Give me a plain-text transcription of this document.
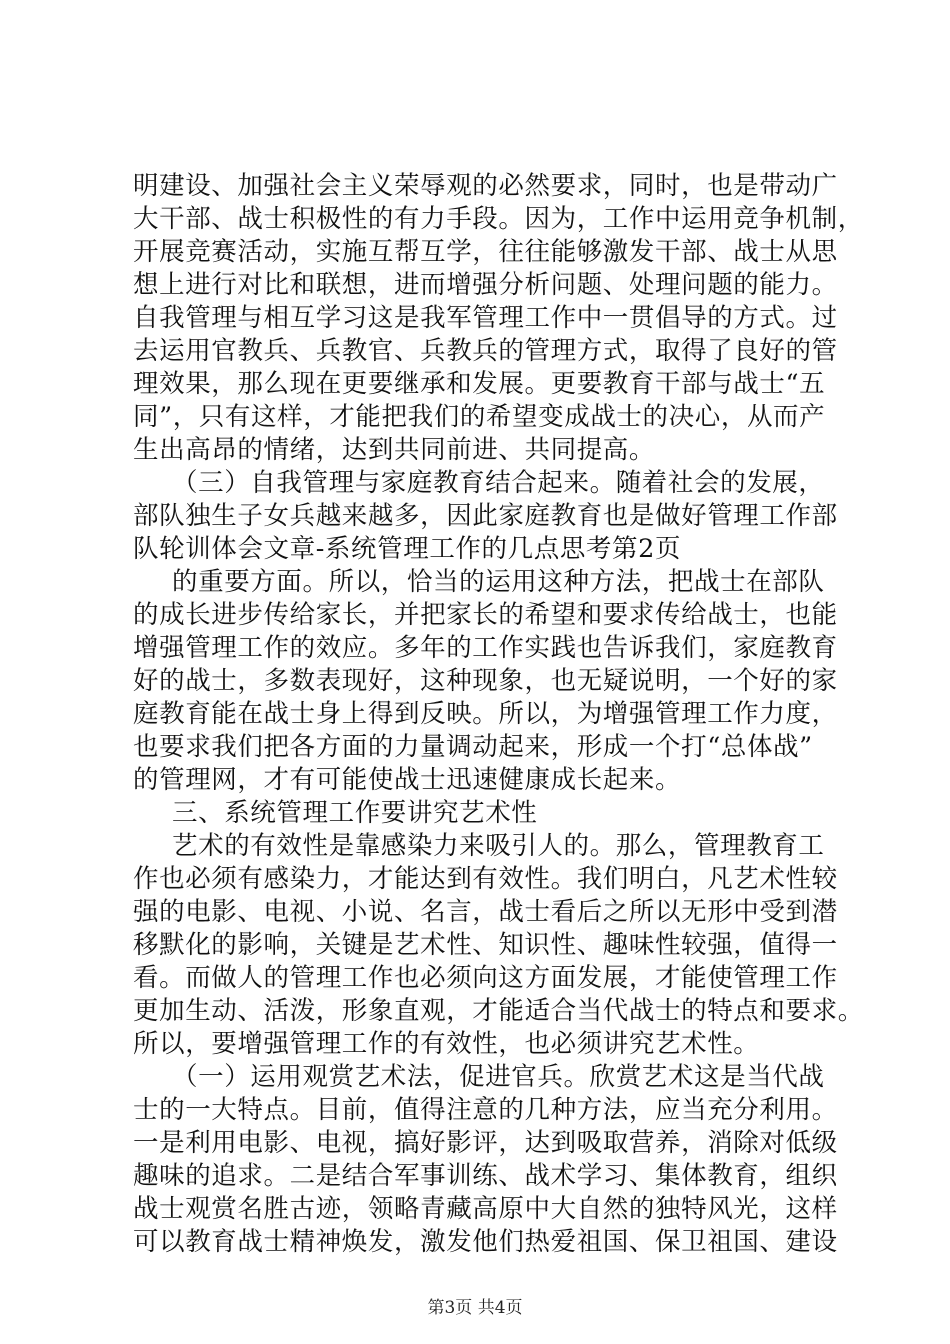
明建设、加强社会主义荣辱观的必然要求，同时，也是带动广
大干部、战士积极性的有力手段。因为，工作中运用竞争机制，
开展竞赛活动，实施互帮互学，往往能够激发干部、战士从思
想上进行对比和联想，进而增强分析问题、处理问题的能力。
自我管理与相互学习这是我军管理工作中一贯倡导的方式。过
去运用官教兵、兵教官、兵教兵的管理方式，取得了良好的管
理效果，那么现在更要继承和发展。更要教育干部与战士“五
同”，只有这样，才能把我们的希望变成战士的决心，从而产
生出高昂的情绪，达到共同前进、共同提高。
（三）自我管理与家庭教育结合起来。随着社会的发展，
部队独生子女兵越来越多，因此家庭教育也是做好管理工作部
队轮训体会文章-系统管理工作的几点思考第2页
的重要方面。所以，恰当的运用这种方法，把战士在部队
的成长进步传给家长，并把家长的希望和要求传给战士，也能
增强管理工作的效应。多年的工作实践也告诉我们，家庭教育
好的战士，多数表现好，这种现象，也无疑说明，一个好的家
庭教育能在战士身上得到反映。所以，为增强管理工作力度，
也要求我们把各方面的力量调动起来，形成一个打“总体战”
的管理网，才有可能使战士迅速健康成长起来。
三、系统管理工作要讲究艺术性
艺术的有效性是靠感染力来吸引人的。那么，管理教育工
作也必须有感染力，才能达到有效性。我们明白，凡艺术性较
强的电影、电视、小说、名言，战士看后之所以无形中受到潜
移默化的影响，关键是艺术性、知识性、趣味性较强，值得一
看。而做人的管理工作也必须向这方面发展，才能使管理工作
更加生动、活泼，形象直观，才能适合当代战士的特点和要求。
所以，要增强管理工作的有效性，也必须讲究艺术性。
（一）运用观赏艺术法，促进官兵。欣赏艺术这是当代战
士的一大特点。目前，值得注意的几种方法，应当充分利用。
一是利用电影、电视，搞好影评，达到吸取营养，消除对低级
趣味的追求。二是结合军事训练、战术学习、集体教育，组织
战士观赏名胜古迹，领略青藏高原中大自然的独特风光，这样
可以教育战士精神焕发，激发他们热爱祖国、保卫祖国、建设
第3页 共4页
